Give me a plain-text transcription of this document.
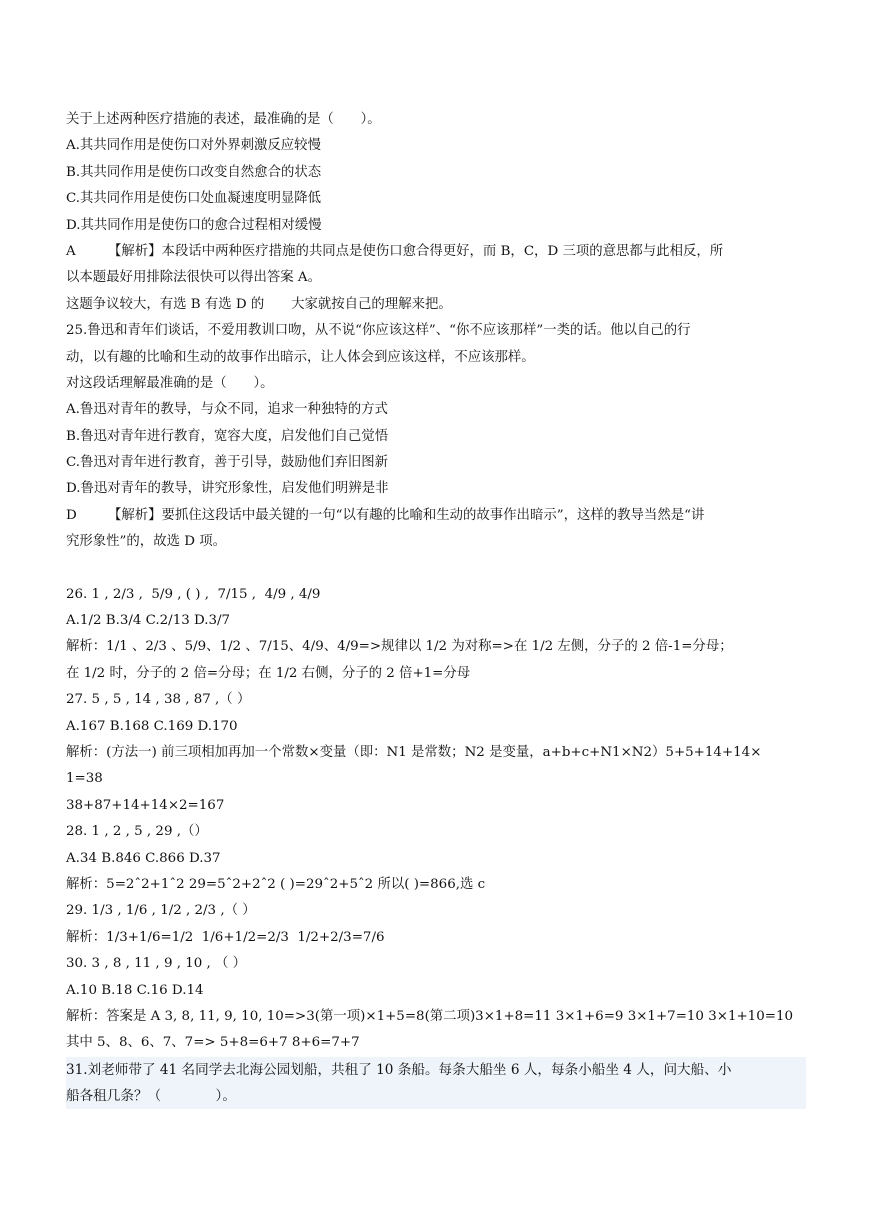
关于上述两种医疗措施的表述，最准确的是（　　）。
A.其共同作用是使伤口对外界刺激反应较慢
B.其共同作用是使伤口改变自然愈合的状态
C.其共同作用是使伤口处血凝速度明显降低
D.其共同作用是使伤口的愈合过程相对缓慢
A 【解析】本段话中两种医疗措施的共同点是使伤口愈合得更好，而 B，C，D 三项的意思都与此相反，所
以本题最好用排除法很快可以得出答案 A。
这题争议较大，有选 B 有选 D 的　　大家就按自己的理解来把。
25.鲁迅和青年们谈话，不爱用教训口吻，从不说“你应该这样”、“你不应该那样”一类的话。他以自己的行
动，以有趣的比喻和生动的故事作出暗示，让人体会到应该这样，不应该那样。
对这段话理解最准确的是（　　）。
A.鲁迅对青年的教导，与众不同，追求一种独特的方式
B.鲁迅对青年进行教育，宽容大度，启发他们自己觉悟
C.鲁迅对青年进行教育，善于引导，鼓励他们弃旧图新
D.鲁迅对青年的教导，讲究形象性，启发他们明辨是非
D 【解析】要抓住这段话中最关键的一句“以有趣的比喻和生动的故事作出暗示”，这样的教导当然是“讲
究形象性”的，故选 D 项。
26. 1 , 2/3 ,  5/9 , ( ) ,  7/15 ,  4/9 , 4/9
A.1/2 B.3/4 C.2/13 D.3/7
解析：1/1 、2/3 、5/9、1/2 、7/15、4/9、4/9=>规律以 1/2 为对称=>在 1/2 左侧，分子的 2 倍-1=分母；
在 1/2 时，分子的 2 倍=分母；在 1/2 右侧，分子的 2 倍+1=分母
27. 5 , 5 , 14 , 38 , 87 ,（ ）
A.167 B.168 C.169 D.170
解析：(方法一) 前三项相加再加一个常数×变量（即：N1 是常数；N2 是变量，a+b+c+N1×N2）5+5+14+14×
1=38
38+87+14+14×2=167
28. 1 , 2 , 5 , 29 ,（）
A.34 B.846 C.866 D.37
解析：5=2ˆ2+1ˆ2 29=5ˆ2+2ˆ2 ( )=29ˆ2+5ˆ2 所以( )=866,选 c
29. 1/3 , 1/6 , 1/2 , 2/3 ,（ ）
解析：1/3+1/6=1/2  1/6+1/2=2/3  1/2+2/3=7/6
30. 3 , 8 , 11 , 9 , 10 , （ ）
A.10 B.18 C.16 D.14
解析：答案是 A 3, 8, 11, 9, 10, 10=>3(第一项)×1+5=8(第二项)3×1+8=11 3×1+6=9 3×1+7=10 3×1+10=10
其中 5、8、6、7、7=> 5+8=6+7 8+6=7+7
31.刘老师带了 41 名同学去北海公园划船，共租了 10 条船。每条大船坐 6 人，每条小船坐 4 人，问大船、小
船各租几条？（　　　　）。
